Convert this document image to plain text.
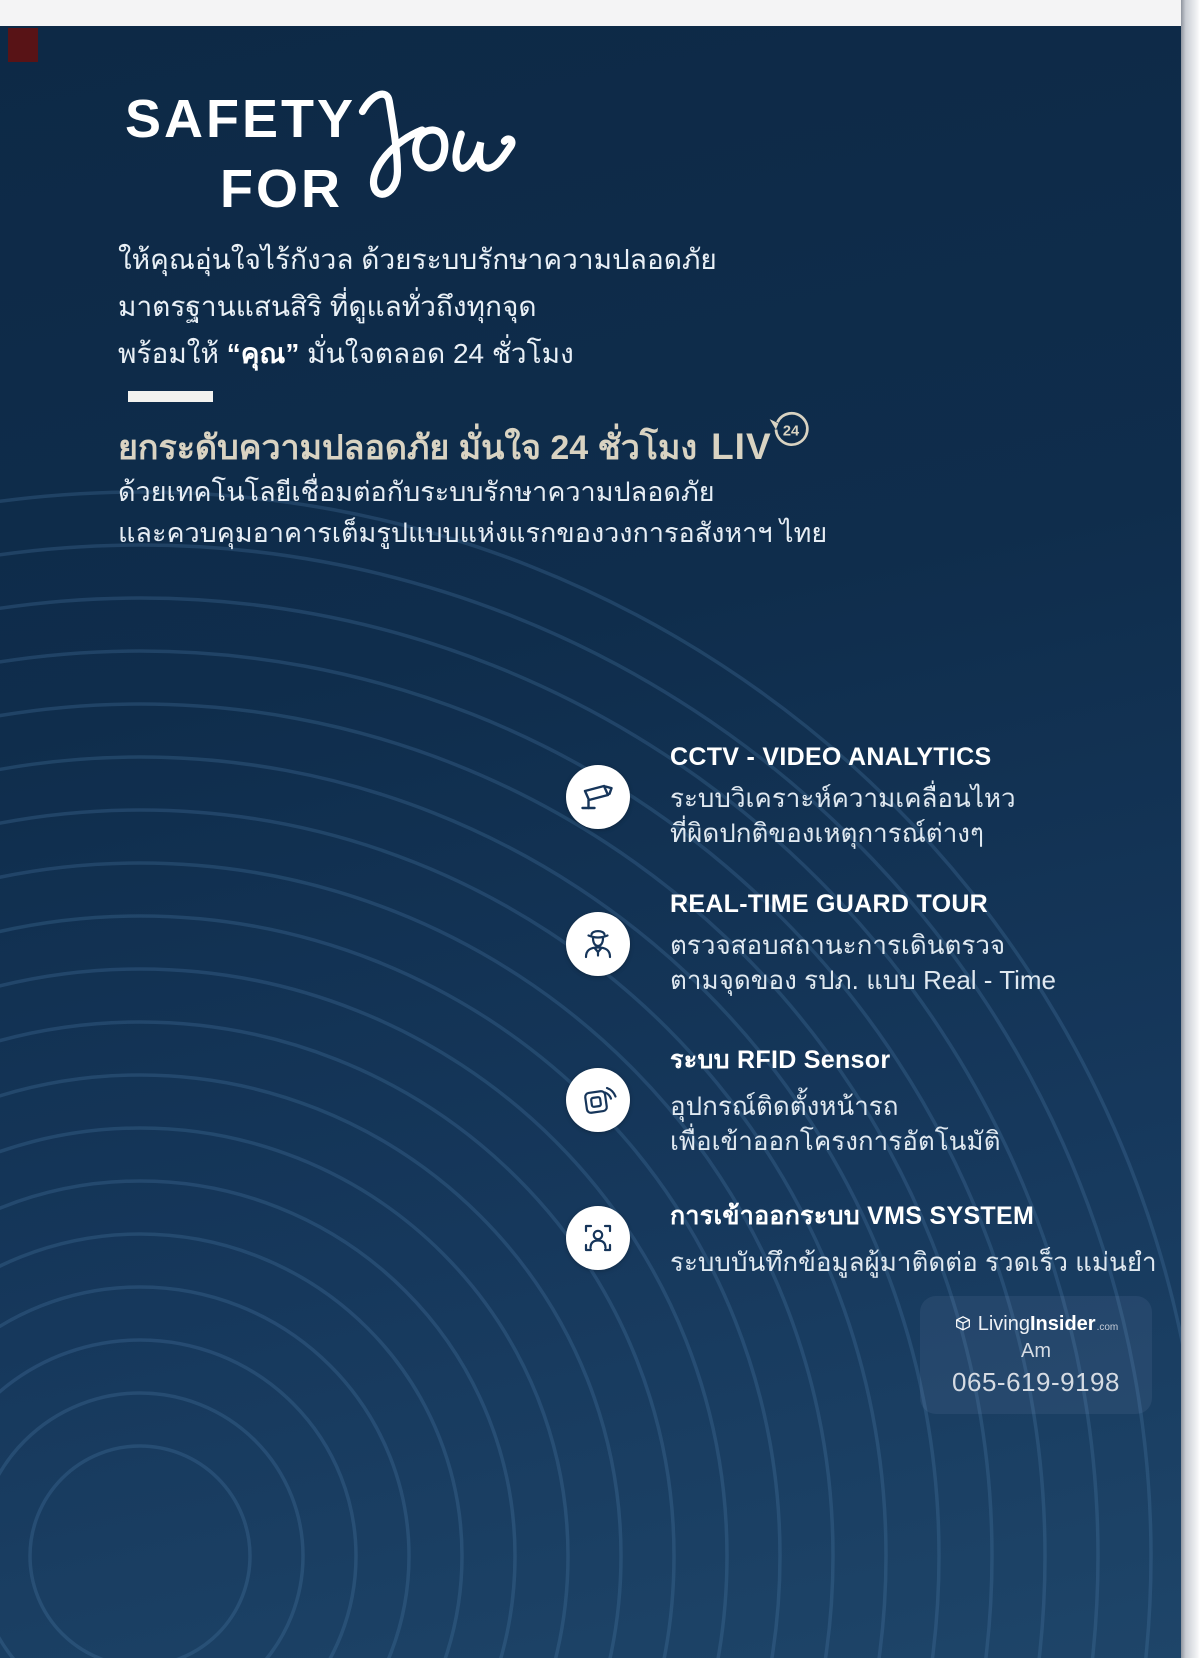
SAFETY
FOR
ให้คุณอุ่นใจไร้กังวล ด้วยระบบรักษาความปลอดภัย
มาตรฐานแสนสิริ ที่ดูแลทั่วถึงทุกจุด
พร้อมให้ “คุณ” มั่นใจตลอด 24 ชั่วโมง
ยกระดับความปลอดภัย มั่นใจ 24 ชั่วโมง LIV 24
ด้วยเทคโนโลยีเชื่อมต่อกับระบบรักษาความปลอดภัย
และควบคุมอาคารเต็มรูปแบบแห่งแรกของวงการอสังหาฯ ไทย
CCTV - VIDEO ANALYTICS
ระบบวิเคราะห์ความเคลื่อนไหว
ที่ผิดปกติของเหตุการณ์ต่างๆ
REAL-TIME GUARD TOUR
ตรวจสอบสถานะการเดินตรวจ
ตามจุดของ รปภ. แบบ Real - Time
ระบบ RFID Sensor
อุปกรณ์ติดตั้งหน้ารถ
เพื่อเข้าออกโครงการอัตโนมัติ
การเข้าออกระบบ VMS SYSTEM
ระบบบันทึกข้อมูลผู้มาติดต่อ รวดเร็ว แม่นยำ
Living Insider .com
Am
065-619-9198
